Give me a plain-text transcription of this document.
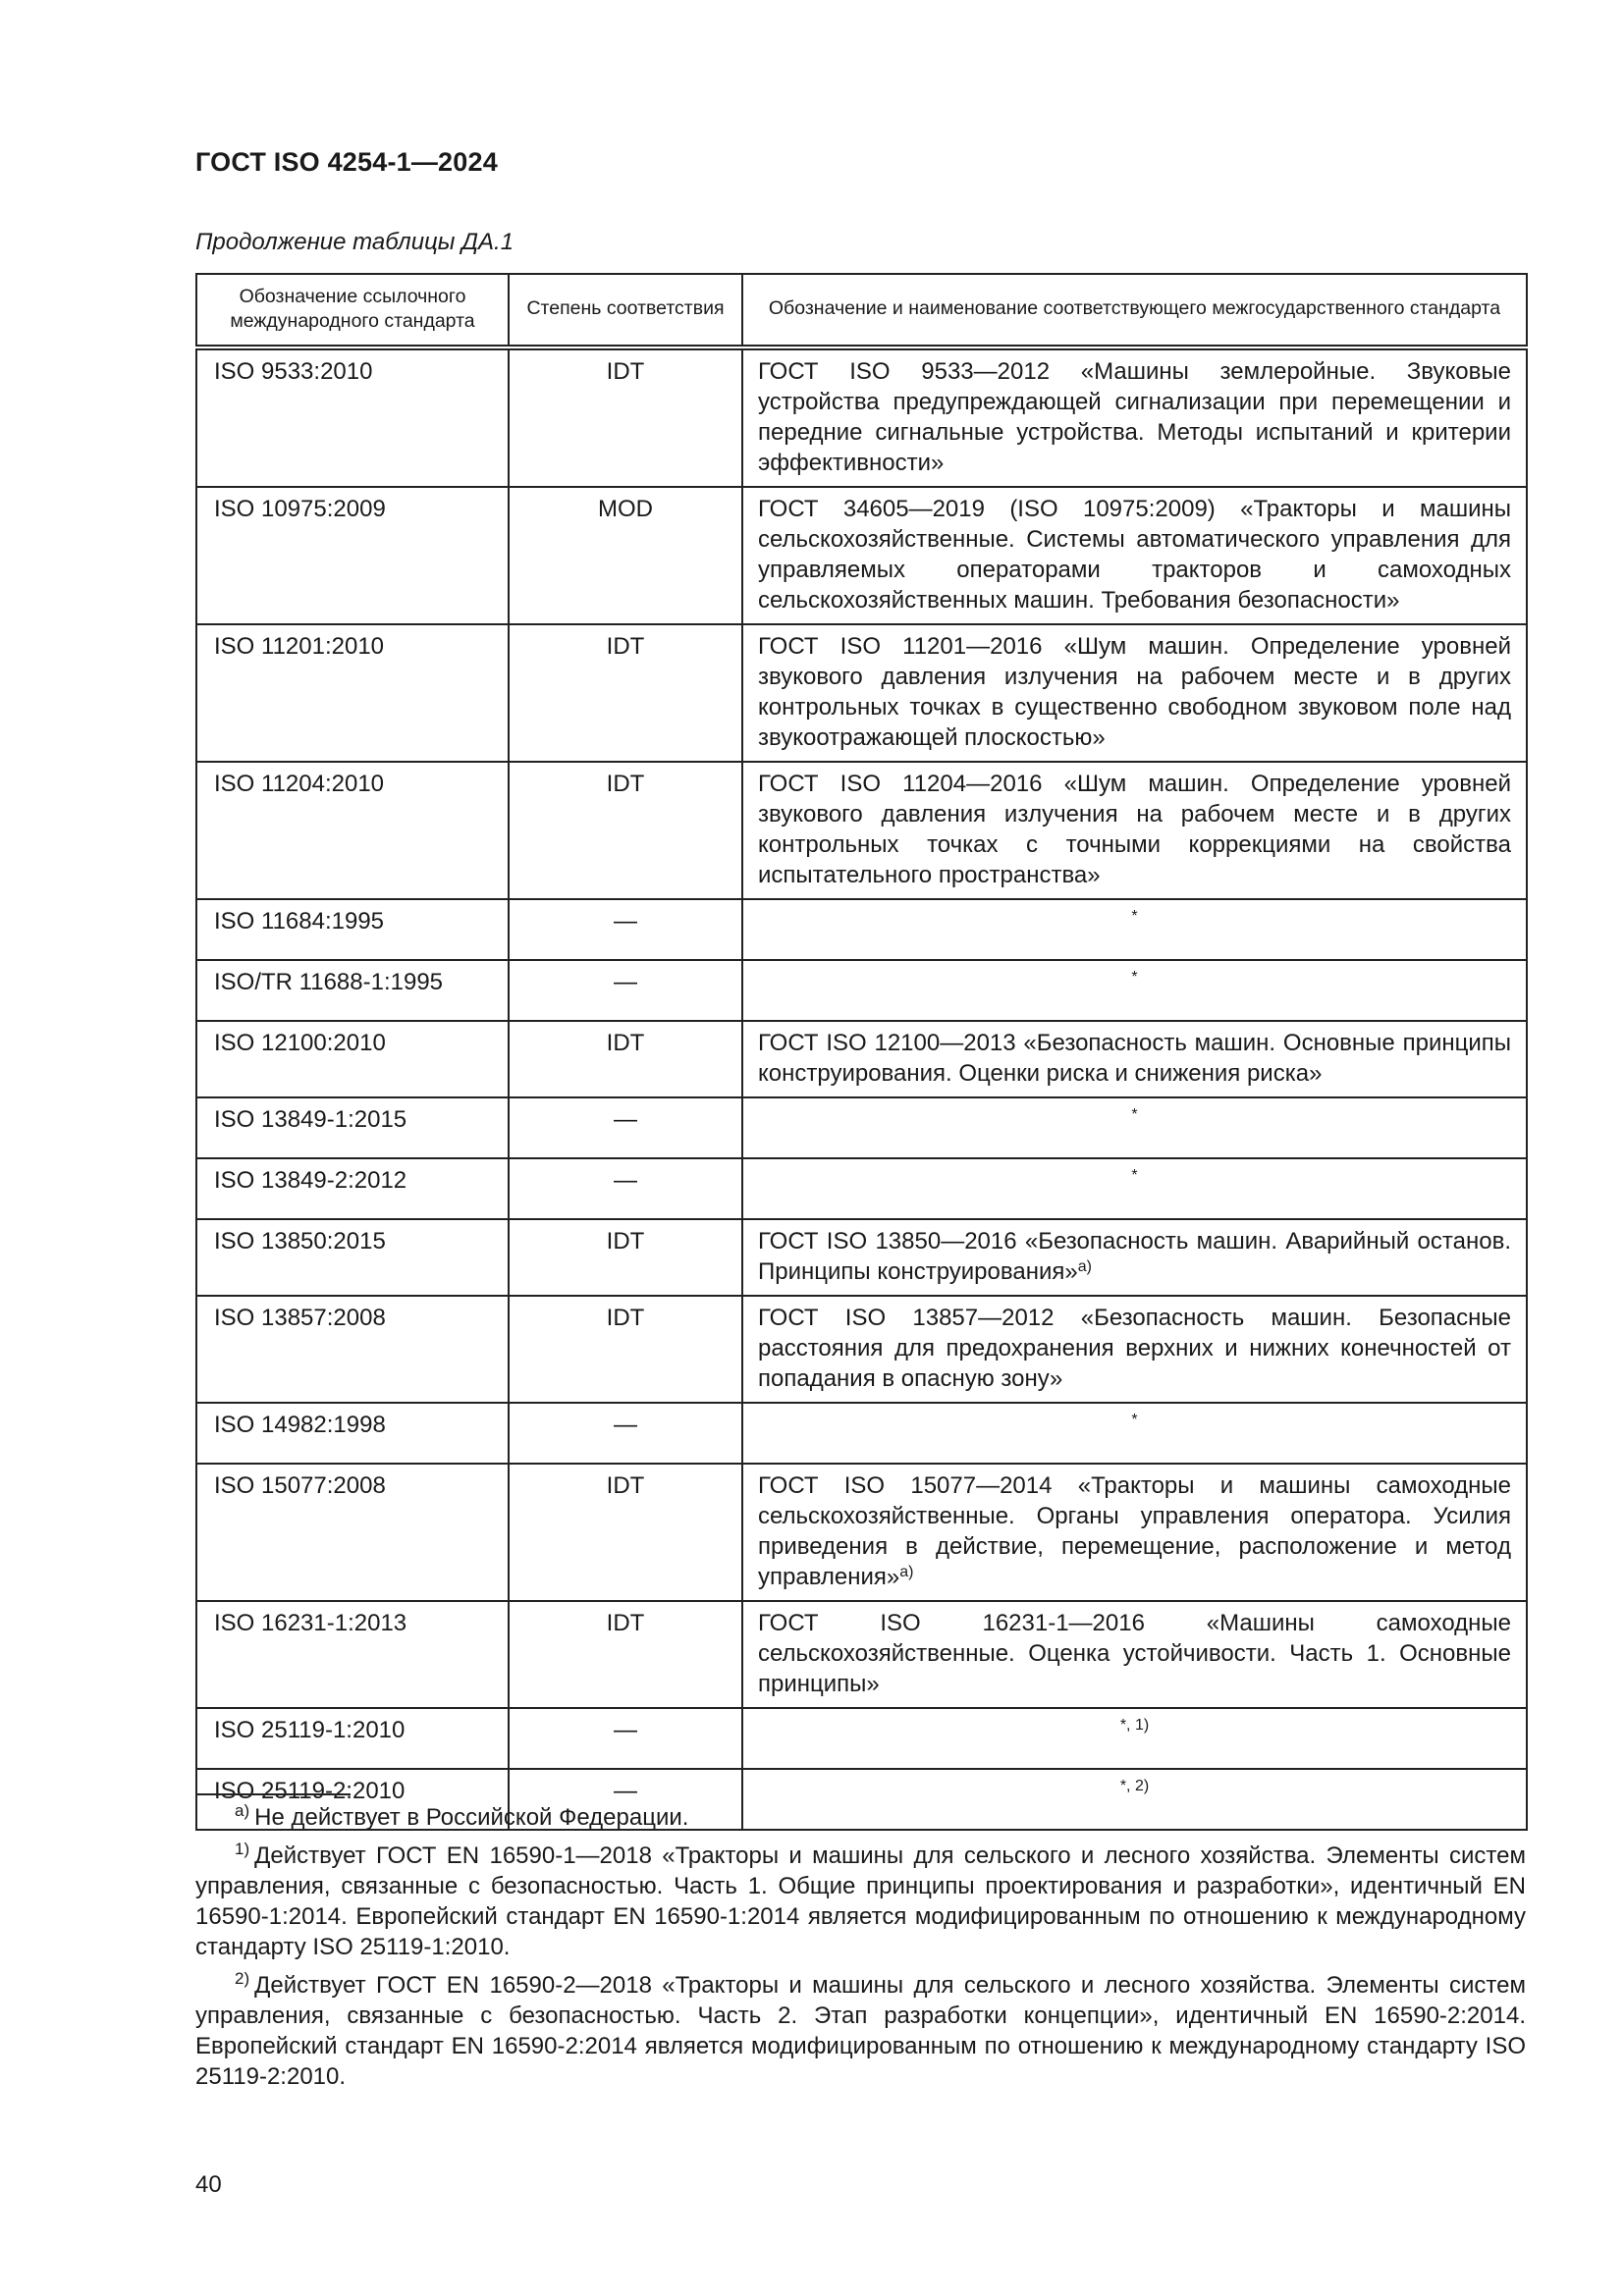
ГОСТ ISO 4254-1—2024
Продолжение таблицы ДА.1
Обозначение ссылочного международного стандарта	Степень соответствия	Обозначение и наименование соответствующего межгосударственного стандарта
ISO 9533:2010	IDT	ГОСТ ISO 9533—2012 «Машины землеройные. Звуковые устройства предупреждающей сигнализации при перемещении и передние сигнальные устройства. Методы испытаний и критерии эффективности»
ISO 10975:2009	MOD	ГОСТ 34605—2019 (ISO 10975:2009) «Тракторы и машины сельскохозяйственные. Системы автоматического управления для управляемых операторами тракторов и самоходных сельскохозяйственных машин. Требования безопасности»
ISO 11201:2010	IDT	ГОСТ ISO 11201—2016 «Шум машин. Определение уровней звукового давления излучения на рабочем месте и в других контрольных точках в существенно свободном звуковом поле над звукоотражающей плоскостью»
ISO 11204:2010	IDT	ГОСТ ISO 11204—2016 «Шум машин. Определение уровней звукового давления излучения на рабочем месте и в других контрольных точках с точными коррекциями на свойства испытательного пространства»
ISO 11684:1995	—	*
ISO/TR 11688-1:1995	—	*
ISO 12100:2010	IDT	ГОСТ ISO 12100—2013 «Безопасность машин. Основные принципы конструирования. Оценки риска и снижения риска»
ISO 13849-1:2015	—	*
ISO 13849-2:2012	—	*
ISO 13850:2015	IDT	ГОСТ ISO 13850—2016 «Безопасность машин. Аварийный останов. Принципы конструирования»$^{а)}$
ISO 13857:2008	IDT	ГОСТ ISO 13857—2012 «Безопасность машин. Безопасные расстояния для предохранения верхних и нижних конечностей от попадания в опасную зону»
ISO 14982:1998	—	*
ISO 15077:2008	IDT	ГОСТ ISO 15077—2014 «Тракторы и машины самоходные сельскохозяйственные. Органы управления оператора. Усилия приведения в действие, перемещение, расположение и метод управления»$^{а)}$
ISO 16231-1:2013	IDT	ГОСТ ISO 16231-1—2016 «Машины самоходные сельскохозяйственные. Оценка устойчивости. Часть 1. Основные принципы»
ISO 25119-1:2010	—	*, 1)
ISO 25119-2:2010	—	*, 2)

$^{а)}$ Не действует в Российской Федерации.

$^{1)}$ Действует ГОСТ EN 16590-1—2018 «Тракторы и машины для сельского и лесного хозяйства. Элементы систем управления, связанные с безопасностью. Часть 1. Общие принципы проектирования и разработки», идентичный EN 16590-1:2014. Европейский стандарт EN 16590-1:2014 является модифицированным по отношению к международному стандарту ISO 25119-1:2010.

$^{2)}$ Действует ГОСТ EN 16590-2—2018 «Тракторы и машины для сельского и лесного хозяйства. Элементы систем управления, связанные с безопасностью. Часть 2. Этап разработки концепции», идентичный EN 16590-2:2014. Европейский стандарт EN 16590-2:2014 является модифицированным по отношению к международному стандарту ISO 25119-2:2010.

40
